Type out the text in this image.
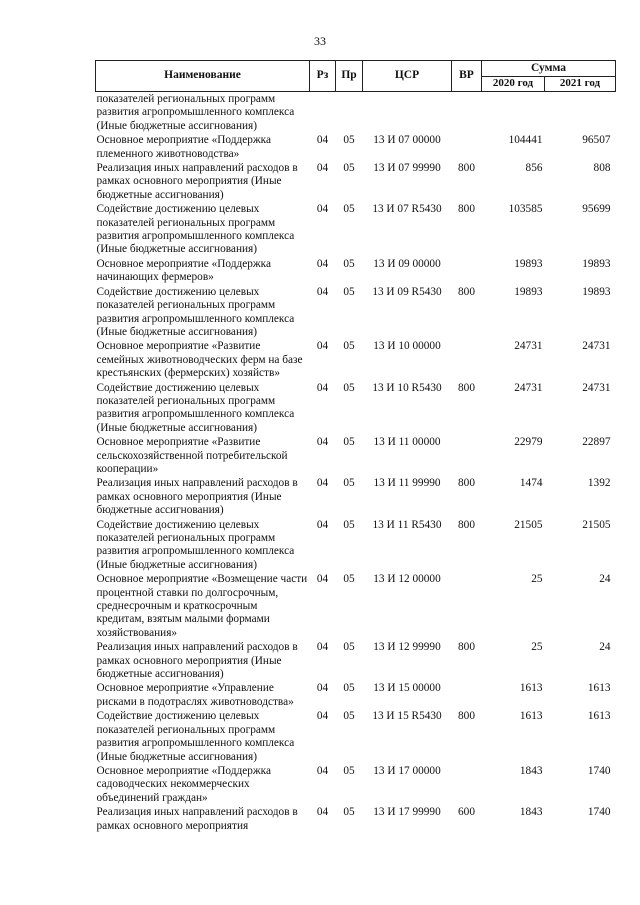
33
Наименование	Рз	Пр	ЦСР	ВР	Сумма	
					2020 год	2021 год
показателей региональных программ развития агропромышленного комплекса (Иные бюджетные ассигнования)						
Основное мероприятие «Поддержка племенного животноводства»	04	05	13 И 07 00000		104441	96507
Реализация иных направлений расходов в рамках основного мероприятия (Иные бюджетные ассигнования)	04	05	13 И 07 99990	800	856	808
Содействие достижению целевых показателей региональных программ развития агропромышленного комплекса (Иные бюджетные ассигнования)	04	05	13 И 07 R5430	800	103585	95699
Основное мероприятие «Поддержка начинающих фермеров»	04	05	13 И 09 00000		19893	19893
Содействие достижению целевых показателей региональных программ развития агропромышленного комплекса (Иные бюджетные ассигнования)	04	05	13 И 09 R5430	800	19893	19893
Основное мероприятие «Развитие семейных животноводческих ферм на базе крестьянских (фермерских) хозяйств»	04	05	13 И 10 00000		24731	24731
Содействие достижению целевых показателей региональных программ развития агропромышленного комплекса (Иные бюджетные ассигнования)	04	05	13 И 10 R5430	800	24731	24731
Основное мероприятие «Развитие сельскохозяйственной потребительской кооперации»	04	05	13 И 11 00000		22979	22897
Реализация иных направлений расходов в рамках основного мероприятия (Иные бюджетные ассигнования)	04	05	13 И 11 99990	800	1474	1392
Содействие достижению целевых показателей региональных программ развития агропромышленного комплекса (Иные бюджетные ассигнования)	04	05	13 И 11 R5430	800	21505	21505
Основное мероприятие «Возмещение части процентной ставки по долгосрочным, среднесрочным и краткосрочным кредитам, взятым малыми формами хозяйствования»	04	05	13 И 12 00000		25	24
Реализация иных направлений расходов в рамках основного мероприятия (Иные бюджетные ассигнования)	04	05	13 И 12 99990	800	25	24
Основное мероприятие «Управление рисками в подотраслях животноводства»	04	05	13 И 15 00000		1613	1613
Содействие достижению целевых показателей региональных программ развития агропромышленного комплекса (Иные бюджетные ассигнования)	04	05	13 И 15 R5430	800	1613	1613
Основное мероприятие «Поддержка садоводческих некоммерческих объединений граждан»	04	05	13 И 17 00000		1843	1740
Реализация иных направлений расходов в рамках основного мероприятия	04	05	13 И 17 99990	600	1843	1740
